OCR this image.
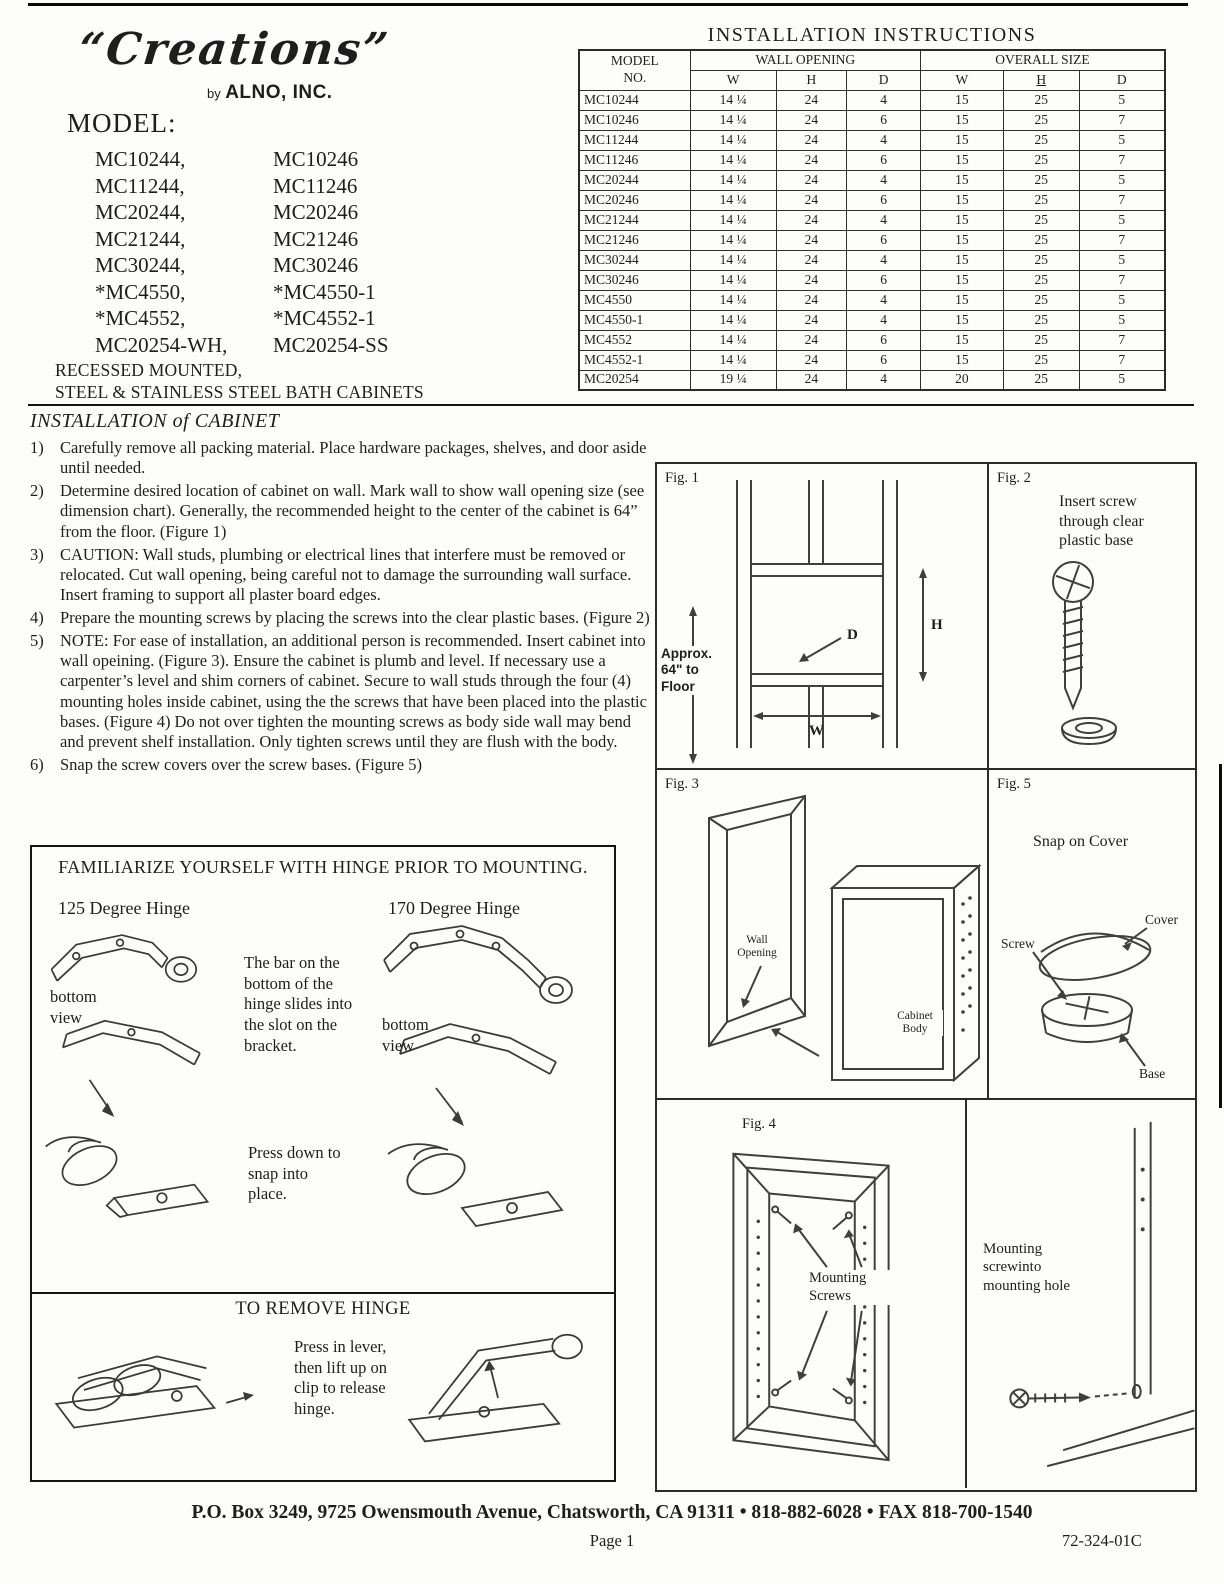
“Creations”
by ALNO, INC.
MODEL:
MC10244,	MC10246
MC11244,	MC11246
MC20244,	MC20246
MC21244,	MC21246
MC30244,	MC30246
*MC4550,	*MC4550-1
*MC4552,	*MC4552-1
MC20254-WH,	MC20254-SS
RECESSED MOUNTED,
STEEL & STAINLESS STEEL BATH CABINETS
INSTALLATION INSTRUCTIONS
MODEL
NO.	WALL OPENING			OVERALL SIZE		
	W	H	D	W	H	D
MC10244	14 ¼	24	4	15	25	5
MC10246	14 ¼	24	6	15	25	7
MC11244	14 ¼	24	4	15	25	5
MC11246	14 ¼	24	6	15	25	7
MC20244	14 ¼	24	4	15	25	5
MC20246	14 ¼	24	6	15	25	7
MC21244	14 ¼	24	4	15	25	5
MC21246	14 ¼	24	6	15	25	7
MC30244	14 ¼	24	4	15	25	5
MC30246	14 ¼	24	6	15	25	7
MC4550	14 ¼	24	4	15	25	5
MC4550-1	14 ¼	24	4	15	25	5
MC4552	14 ¼	24	6	15	25	7
MC4552-1	14 ¼	24	6	15	25	7
MC20254	19 ¼	24	4	20	25	5
INSTALLATION of CABINET
1) Carefully remove all packing material. Place hardware packages, shelves, and door aside until needed.
2) Determine desired location of cabinet on wall. Mark wall to show wall opening size (see dimension chart). Generally, the recommended height to the center of the cabinet is 64” from the floor. (Figure 1)
3) CAUTION: Wall studs, plumbing or electrical lines that interfere must be removed or relocated. Cut wall opening, being careful not to damage the surrounding wall surface. Insert framing to support all plaster board edges.
4) Prepare the mounting screws by placing the screws into the clear plastic bases. (Figure 2)
5) NOTE: For ease of installation, an additional person is recommended. Insert cabinet into wall opeining. (Figure 3). Ensure the cabinet is plumb and level. If necessary use a carpenter’s level and shim corners of cabinet. Secure to wall studs through the four (4) mounting holes inside cabinet, using the the screws that have been placed into the plastic bases. (Figure 4) Do not over tighten the mounting screws as body side wall may bend and prevent shelf installation. Only tighten screws until they are flush with the body.
6) Snap the screw covers over the screw bases. (Figure 5)
Fig. 1
Approx. 64" to Floor
H
W
D
Fig. 2
Insert screw through clear plastic base
Fig. 3
Wall Opening
Cabinet Body
Fig. 5
Snap on Cover
Screw
Cover
Base
Fig. 4
Mounting Screws
Mounting screwinto mounting hole
FAMILIARIZE YOURSELF WITH HINGE PRIOR TO MOUNTING.
125 Degree Hinge	170 Degree Hinge
bottom view	bottom view
The bar on the bottom of the hinge slides into the slot on the bracket.
Press down to snap into place.
TO REMOVE HINGE
Press in lever, then lift up on clip to release hinge.
P.O. Box 3249, 9725 Owensmouth Avenue, Chatsworth, CA 91311 • 818-882-6028 • FAX 818-700-1540
Page 1	72-324-01C
